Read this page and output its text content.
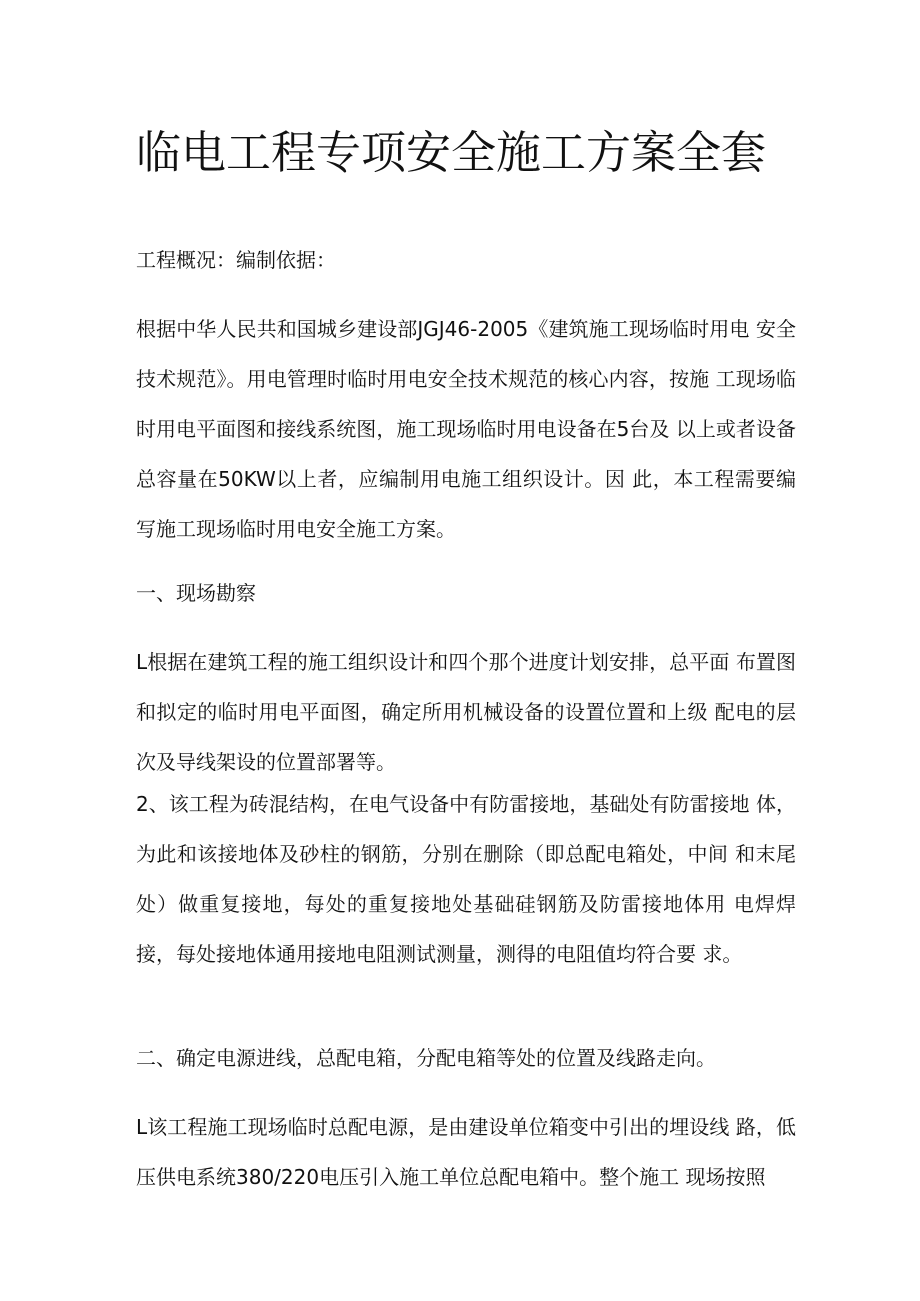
临电工程专项安全施工方案全套

工程概况：编制依据：

根据中华人民共和国城乡建设部JGJ46-2005《建筑施工现场临时用电 安全技术规范》。用电管理时临时用电安全技术规范的核心内容，按施 工现场临时用电平面图和接线系统图，施工现场临时用电设备在5台及 以上或者设备总容量在50KW以上者，应编制用电施工组织设计。因 此，本工程需要编写施工现场临时用电安全施工方案。

一、现场勘察

L根据在建筑工程的施工组织设计和四个那个进度计划安排，总平面 布置图和拟定的临时用电平面图，确定所用机械设备的设置位置和上级 配电的层次及导线架设的位置部署等。

2、该工程为砖混结构，在电气设备中有防雷接地，基础处有防雷接地 体，为此和该接地体及砂柱的钢筋，分别在删除（即总配电箱处，中间 和末尾处）做重复接地，每处的重复接地处基础硅钢筋及防雷接地体用 电焊焊接，每处接地体通用接地电阻测试测量，测得的电阻值均符合要 求。

二、确定电源进线，总配电箱，分配电箱等处的位置及线路走向。

L该工程施工现场临时总配电源，是由建设单位箱变中引出的埋设线 路，低压供电系统380/220电压引入施工单位总配电箱中。整个施工 现场按照
